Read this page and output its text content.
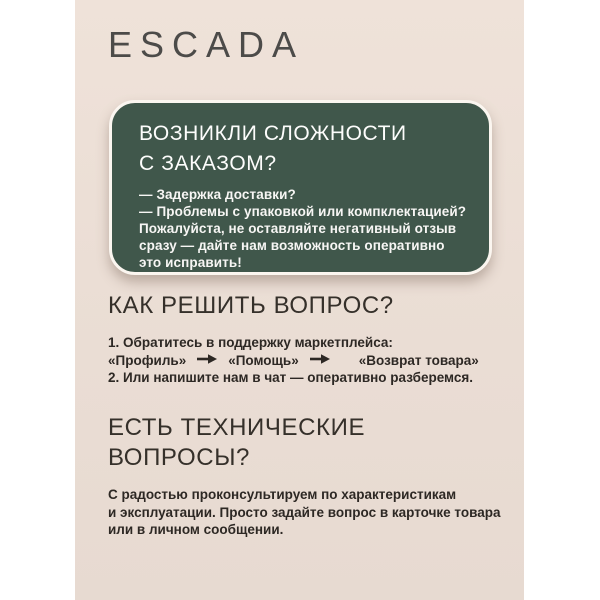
ESCADA
ВОЗНИКЛИ СЛОЖНОСТИ
С ЗАКАЗОМ?
— Задержка доставки?
— Проблемы с упаковкой или компклектацией?
Пожалуйста, не оставляйте негативный отзыв
сразу — дайте нам возможность оперативно
это исправить!
КАК РЕШИТЬ ВОПРОС?
1. Обратитесь в поддержку маркетплейса:
«Профиль»	«Помощь»	«Возврат товара»
2. Или напишите нам в чат — оперативно разберемся.
ЕСТЬ ТЕХНИЧЕСКИЕ
ВОПРОСЫ?
С радостью проконсультируем по характеристикам
и эксплуатации. Просто задайте вопрос в карточке товара
или в личном сообщении.
